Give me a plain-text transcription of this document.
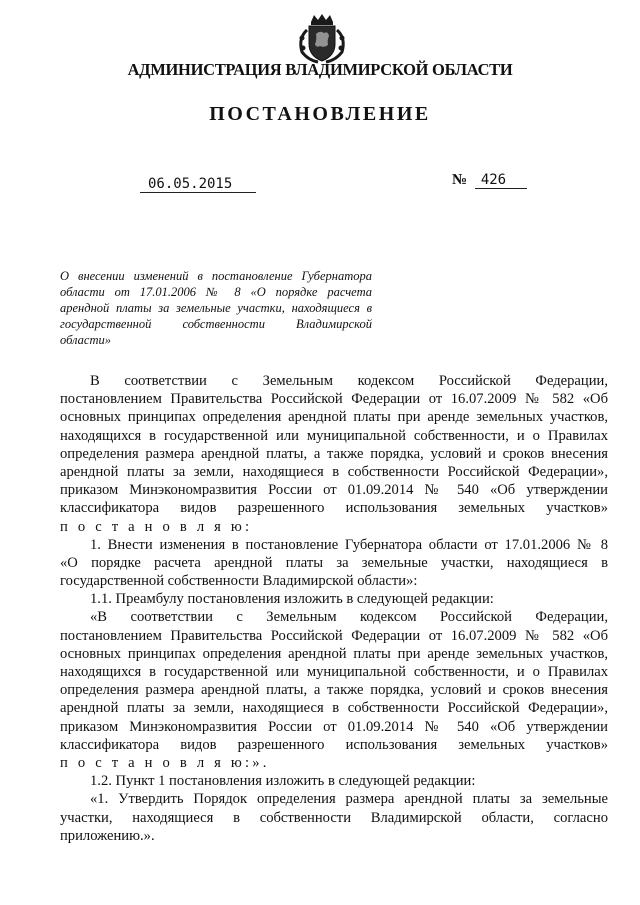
АДМИНИСТРАЦИЯ ВЛАДИМИРСКОЙ ОБЛАСТИ
ПОСТАНОВЛЕНИЕ
06.05.2015	№ 426
О внесении изменений в постановление Губернатора
области от 17.01.2006 № 8 «О порядке расчета
арендной платы за земельные участки, находящиеся в
государственной собственности Владимирской
области»
В соответствии с Земельным кодексом Российской Федерации,
постановлением Правительства Российской Федерации от 16.07.2009 № 582 «Об
основных принципах определения арендной платы при аренде земельных участков,
находящихся в государственной или муниципальной собственности, и о Правилах
определения размера арендной платы, а также порядка, условий и сроков внесения
арендной платы за земли, находящиеся в собственности Российской Федерации»,
приказом Минэкономразвития России от 01.09.2014 № 540 «Об утверждении
классификатора видов разрешенного использования земельных участков»
п о с т а н о в л я ю:
1. Внести изменения в постановление Губернатора области от 17.01.2006 № 8
«О порядке расчета арендной платы за земельные участки, находящиеся в
государственной собственности Владимирской области»:
1.1. Преамбулу постановления изложить в следующей редакции:
«В соответствии с Земельным кодексом Российской Федерации,
постановлением Правительства Российской Федерации от 16.07.2009 № 582 «Об
основных принципах определения арендной платы при аренде земельных участков,
находящихся в государственной или муниципальной собственности, и о Правилах
определения размера арендной платы, а также порядка, условий и сроков внесения
арендной платы за земли, находящиеся в собственности Российской Федерации»,
приказом Минэкономразвития России от 01.09.2014 № 540 «Об утверждении
классификатора видов разрешенного использования земельных участков»
п о с т а н о в л я ю:».
1.2. Пункт 1 постановления изложить в следующей редакции:
«1. Утвердить Порядок определения размера арендной платы за земельные
участки, находящиеся в собственности Владимирской области, согласно
приложению.».
